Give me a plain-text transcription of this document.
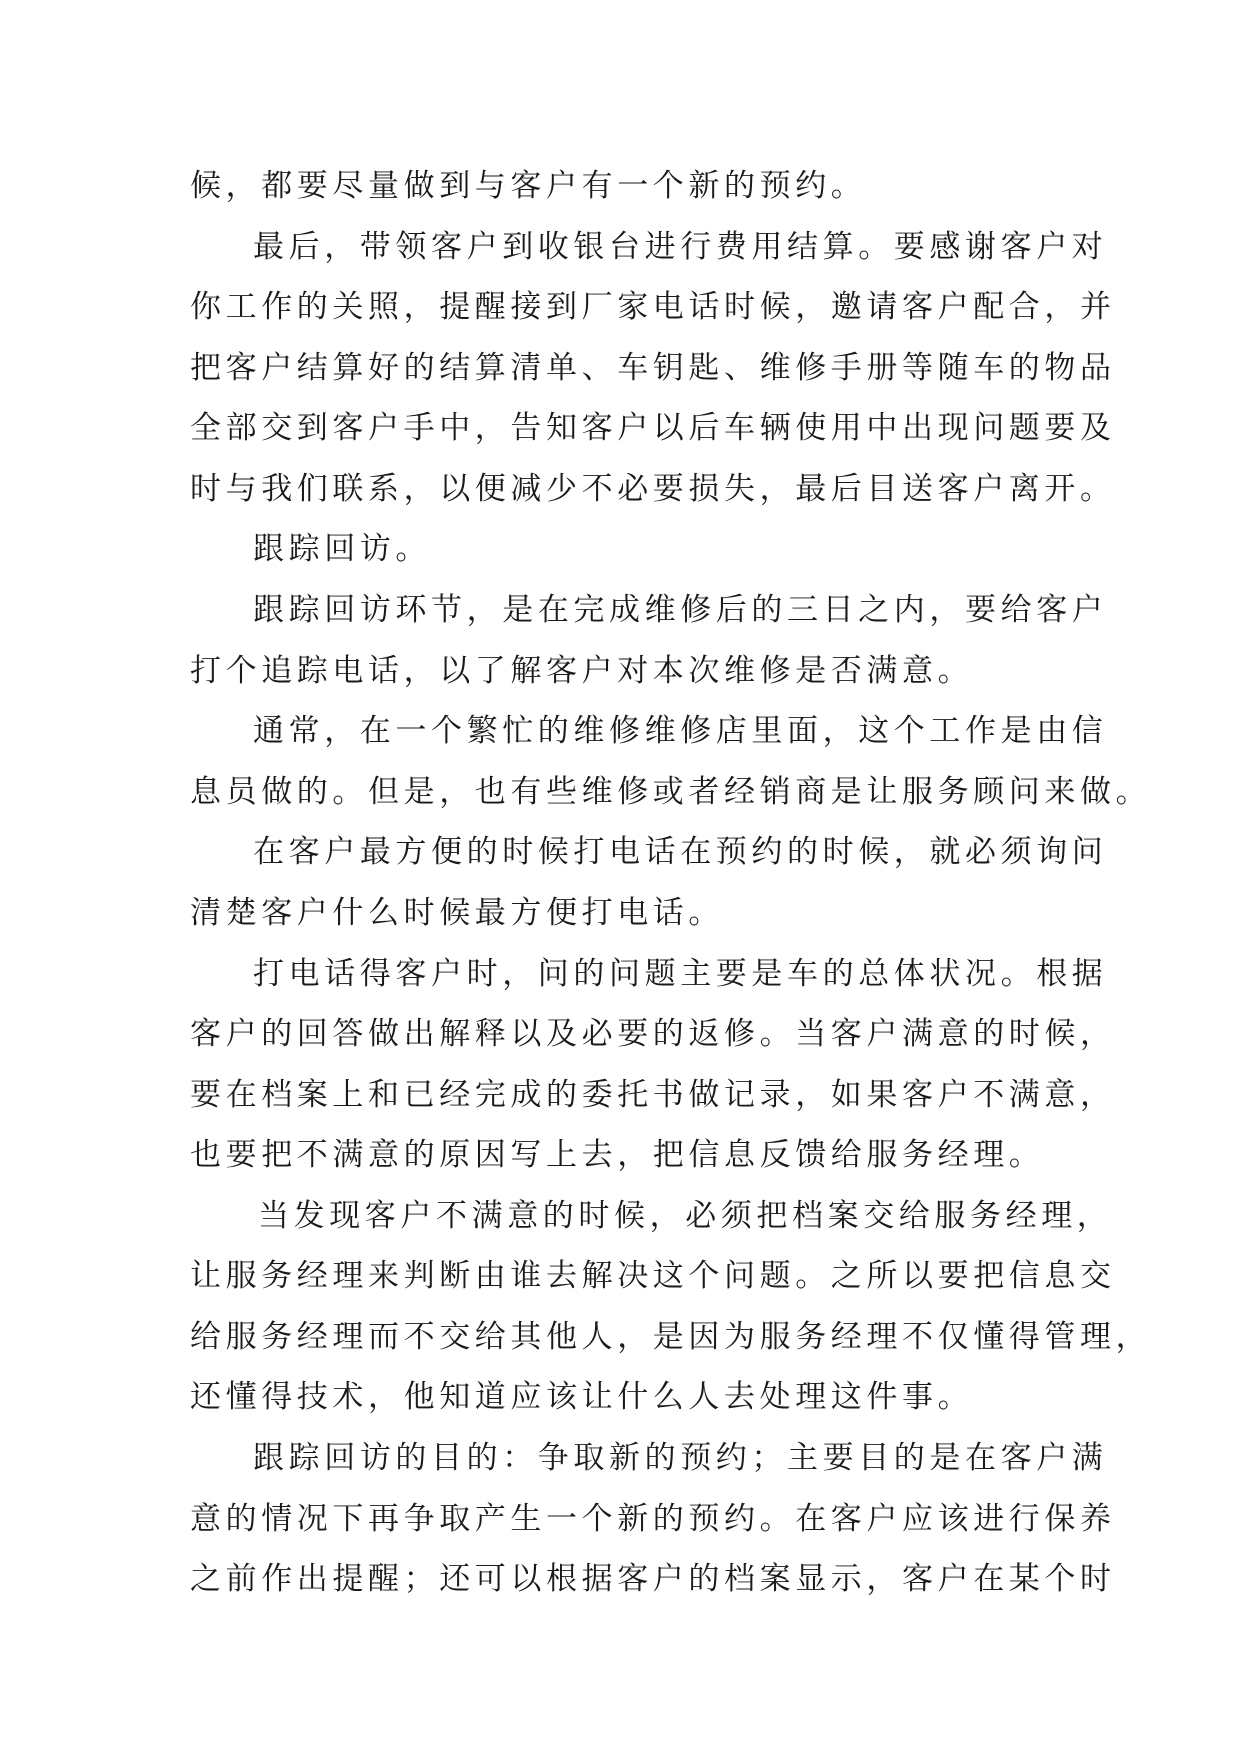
候，都要尽量做到与客户有一个新的预约。
最后，带领客户到收银台进行费用结算。要感谢客户对
你工作的关照，提醒接到厂家电话时候，邀请客户配合，并
把客户结算好的结算清单、车钥匙、维修手册等随车的物品
全部交到客户手中，告知客户以后车辆使用中出现问题要及
时与我们联系，以便减少不必要损失，最后目送客户离开。
跟踪回访。
跟踪回访环节，是在完成维修后的三日之内，要给客户
打个追踪电话，以了解客户对本次维修是否满意。
通常，在一个繁忙的维修维修店里面，这个工作是由信
息员做的。但是，也有些维修或者经销商是让服务顾问来做。
在客户最方便的时候打电话在预约的时候，就必须询问
清楚客户什么时候最方便打电话。
打电话得客户时，问的问题主要是车的总体状况。根据
客户的回答做出解释以及必要的返修。当客户满意的时候，
要在档案上和已经完成的委托书做记录，如果客户不满意，
也要把不满意的原因写上去，把信息反馈给服务经理。
当发现客户不满意的时候，必须把档案交给服务经理，
让服务经理来判断由谁去解决这个问题。之所以要把信息交
给服务经理而不交给其他人，是因为服务经理不仅懂得管理，
还懂得技术，他知道应该让什么人去处理这件事。
跟踪回访的目的：争取新的预约；主要目的是在客户满
意的情况下再争取产生一个新的预约。在客户应该进行保养
之前作出提醒；还可以根据客户的档案显示，客户在某个时
